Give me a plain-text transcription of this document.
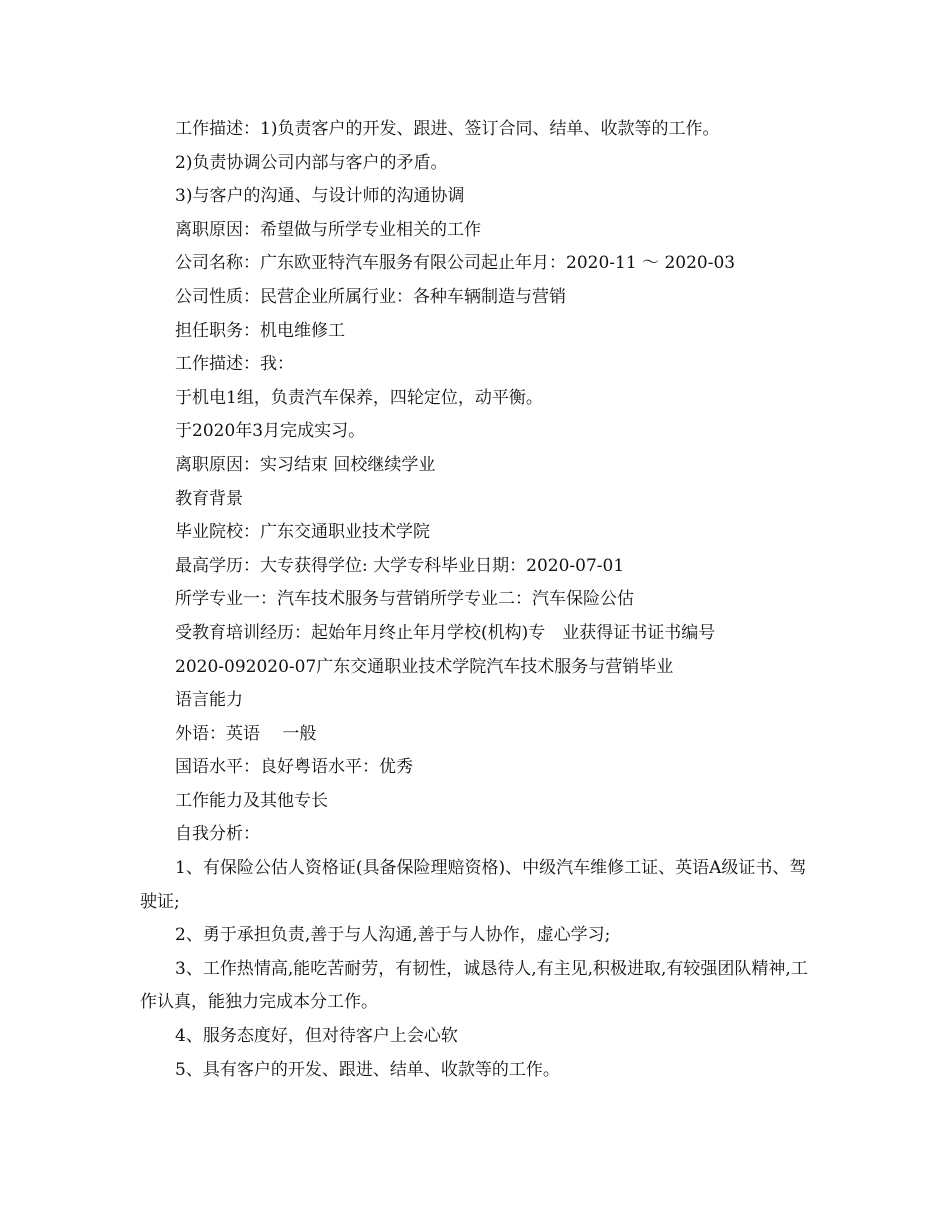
工作描述：1)负责客户的开发、跟进、签订合同、结单、收款等的工作。

2)负责协调公司内部与客户的矛盾。

3)与客户的沟通、与设计师的沟通协调

离职原因：希望做与所学专业相关的工作

公司名称：广东欧亚特汽车服务有限公司起止年月：2020-11 ～ 2020-03

公司性质：民营企业所属行业：各种车辆制造与营销

担任职务：机电维修工

工作描述：我：

于机电1组，负责汽车保养，四轮定位，动平衡。

于2020年3月完成实习。

离职原因：实习结束 回校继续学业

教育背景

毕业院校：广东交通职业技术学院

最高学历：大专获得学位: 大学专科毕业日期：2020-07-01

所学专业一：汽车技术服务与营销所学专业二：汽车保险公估

受教育培训经历：起始年月终止年月学校(机构)专　业获得证书证书编号

2020-092020-07广东交通职业技术学院汽车技术服务与营销毕业

语言能力

外语：英语　 一般

国语水平：良好粤语水平：优秀

工作能力及其他专长

自我分析：

1、有保险公估人资格证(具备保险理赔资格)、中级汽车维修工证、英语A级证书、驾驶证;

2、勇于承担负责,善于与人沟通,善于与人协作，虚心学习;

3、工作热情高,能吃苦耐劳，有韧性，诚恳待人,有主见,积极进取,有较强团队精神,工作认真，能独力完成本分工作。

4、服务态度好，但对待客户上会心软

5、具有客户的开发、跟进、结单、收款等的工作。
